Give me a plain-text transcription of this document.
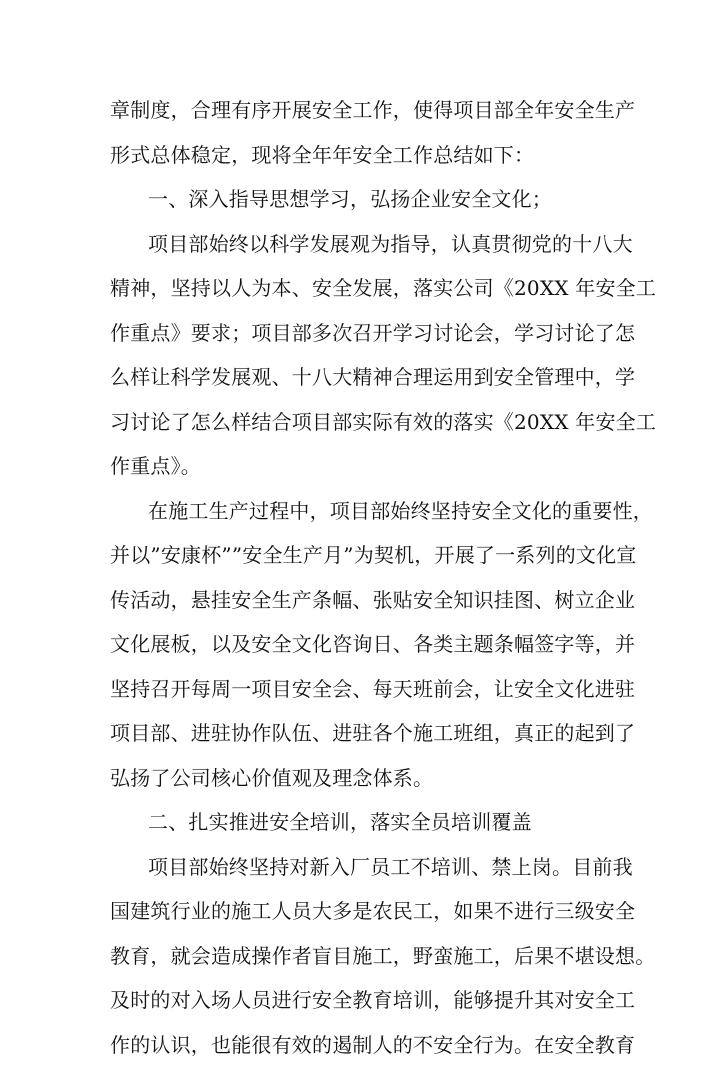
章制度，合理有序开展安全工作，使得项目部全年安全生产
形式总体稳定，现将全年年安全工作总结如下：
一、深入指导思想学习，弘扬企业安全文化；
项目部始终以科学发展观为指导，认真贯彻党的十八大
精神，坚持以人为本、安全发展，落实公司《20XX 年安全工
作重点》要求；项目部多次召开学习讨论会，学习讨论了怎
么样让科学发展观、十八大精神合理运用到安全管理中，学
习讨论了怎么样结合项目部实际有效的落实《20XX 年安全工
作重点》。
在施工生产过程中，项目部始终坚持安全文化的重要性，
并以”安康杯””安全生产月”为契机，开展了一系列的文化宣
传活动，悬挂安全生产条幅、张贴安全知识挂图、树立企业
文化展板，以及安全文化咨询日、各类主题条幅签字等，并
坚持召开每周一项目安全会、每天班前会，让安全文化进驻
项目部、进驻协作队伍、进驻各个施工班组，真正的起到了
弘扬了公司核心价值观及理念体系。
二、扎实推进安全培训，落实全员培训覆盖
项目部始终坚持对新入厂员工不培训、禁上岗。目前我
国建筑行业的施工人员大多是农民工，如果不进行三级安全
教育，就会造成操作者盲目施工，野蛮施工，后果不堪设想。
及时的对入场人员进行安全教育培训，能够提升其对安全工
作的认识，也能很有效的遏制人的不安全行为。在安全教育
